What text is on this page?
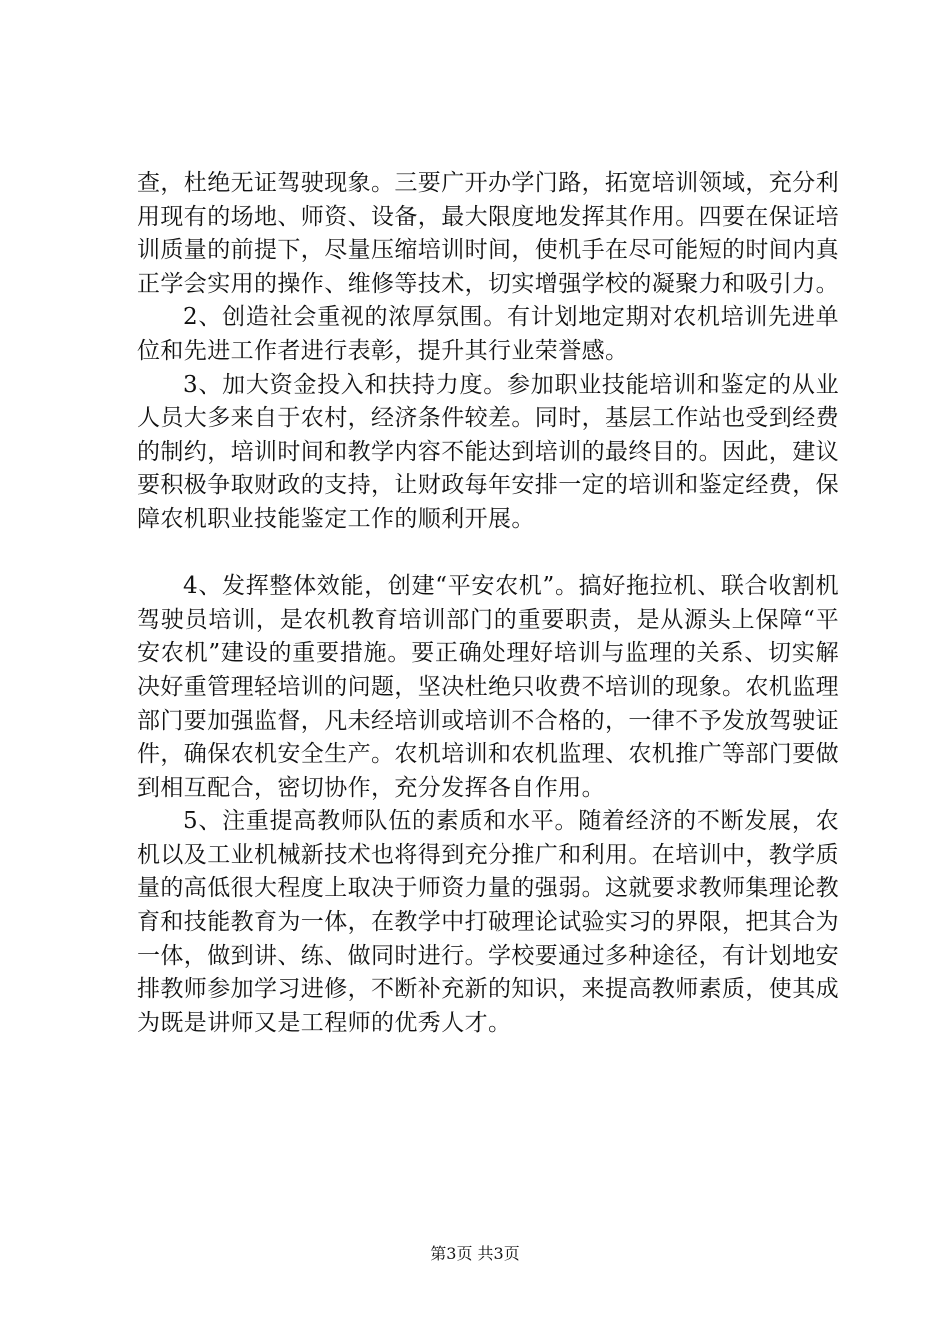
查，杜绝无证驾驶现象。三要广开办学门路，拓宽培训领域，充分利用现有的场地、师资、设备，最大限度地发挥其作用。四要在保证培训质量的前提下，尽量压缩培训时间，使机手在尽可能短的时间内真正学会实用的操作、维修等技术，切实增强学校的凝聚力和吸引力。

2、创造社会重视的浓厚氛围。有计划地定期对农机培训先进单位和先进工作者进行表彰，提升其行业荣誉感。

3、加大资金投入和扶持力度。参加职业技能培训和鉴定的从业人员大多来自于农村，经济条件较差。同时，基层工作站也受到经费的制约，培训时间和教学内容不能达到培训的最终目的。因此，建议要积极争取财政的支持，让财政每年安排一定的培训和鉴定经费，保障农机职业技能鉴定工作的顺利开展。

4、发挥整体效能，创建“平安农机”。搞好拖拉机、联合收割机驾驶员培训，是农机教育培训部门的重要职责，是从源头上保障“平安农机”建设的重要措施。要正确处理好培训与监理的关系、切实解决好重管理轻培训的问题，坚决杜绝只收费不培训的现象。农机监理部门要加强监督，凡未经培训或培训不合格的，一律不予发放驾驶证件，确保农机安全生产。农机培训和农机监理、农机推广等部门要做到相互配合，密切协作，充分发挥各自作用。

5、注重提高教师队伍的素质和水平。随着经济的不断发展，农机以及工业机械新技术也将得到充分推广和利用。在培训中，教学质量的高低很大程度上取决于师资力量的强弱。这就要求教师集理论教育和技能教育为一体，在教学中打破理论试验实习的界限，把其合为一体，做到讲、练、做同时进行。学校要通过多种途径，有计划地安排教师参加学习进修，不断补充新的知识，来提高教师素质，使其成为既是讲师又是工程师的优秀人才。

第3页 共3页
